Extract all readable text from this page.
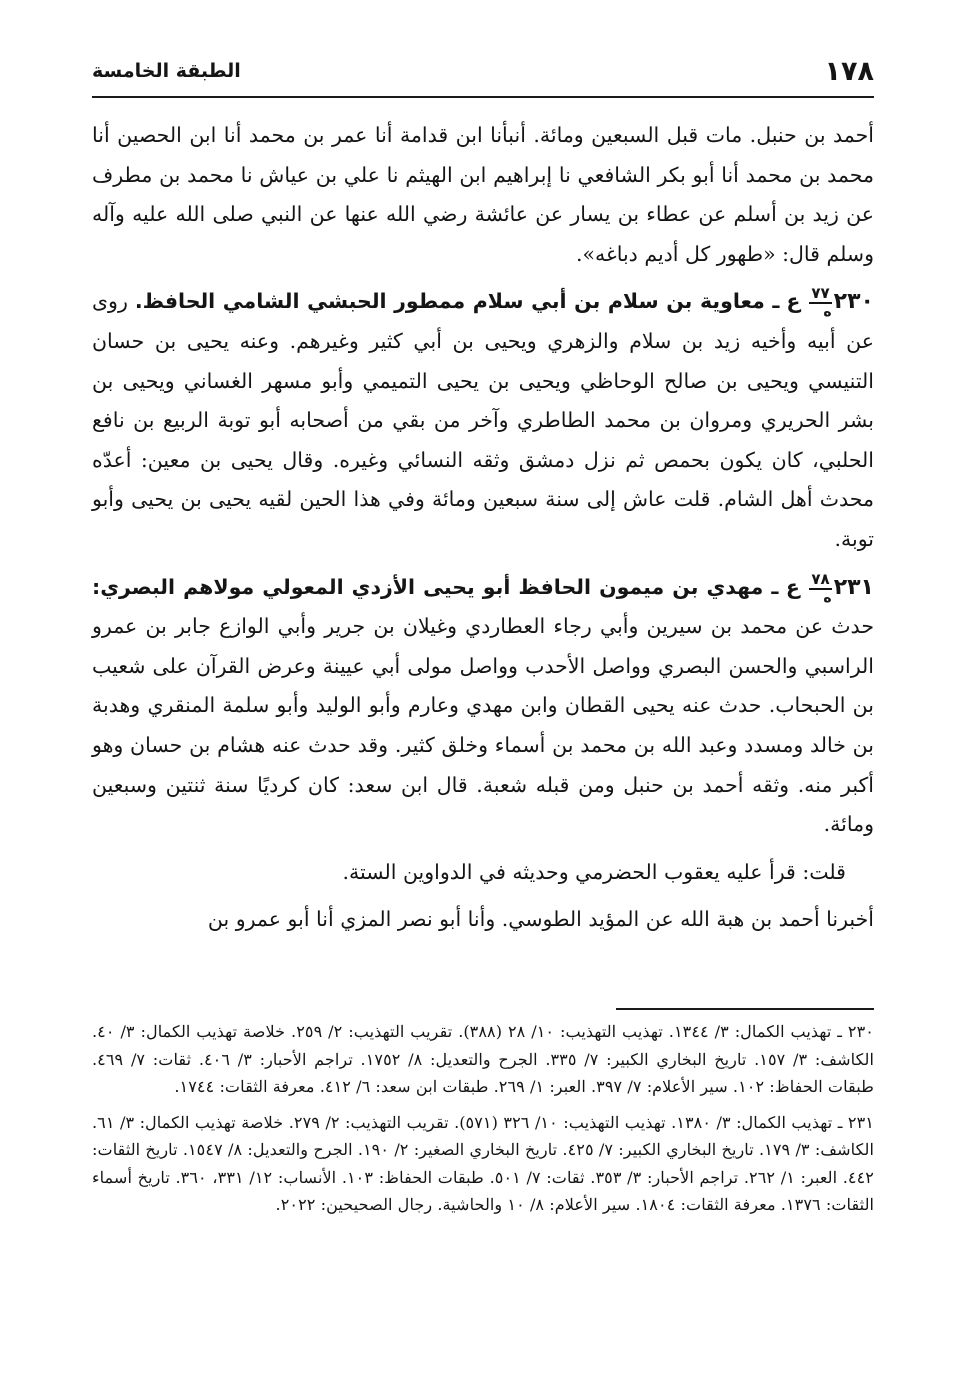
١٧٨
الطبقة الخامسة

أحمد بن حنبل. مات قبل السبعين ومائة. أنبأنا ابن قدامة أنا عمر بن محمد أنا ابن الحصين أنا محمد بن محمد أنا أبو بكر الشافعي نا إبراهيم ابن الهيثم نا علي بن عياش نا محمد بن مطرف عن زيد بن أسلم عن عطاء بن يسار عن عائشة رضي الله عنها عن النبي صلى الله عليه وآله وسلم قال: «طهور كل أديم دباغه».

٢٣٠
$\frac{٧٧}{\text{ه}}$
ع ـ معاوية بن سلام بن أبي سلام ممطور الحبشي الشامي الحافظ. روى عن أبيه وأخيه زيد بن سلام والزهري ويحيى بن أبي كثير وغيرهم. وعنه يحيى بن حسان التنيسي ويحيى بن صالح الوحاظي ويحيى بن يحيى التميمي وأبو مسهر الغساني ويحيى بن بشر الحريري ومروان بن محمد الطاطري وآخر من بقي من أصحابه أبو توبة الربيع بن نافع الحلبي، كان يكون بحمص ثم نزل دمشق وثقه النسائي وغيره. وقال يحيى بن معين: أعدّه محدث أهل الشام. قلت عاش إلى سنة سبعين ومائة وفي هذا الحين لقيه يحيى بن يحيى وأبو توبة.

٢٣١
$\frac{٧٨}{\text{ه}}$
ع ـ مهدي بن ميمون الحافظ أبو يحيى الأزدي المعولي مولاهم البصري: حدث عن محمد بن سيرين وأبي رجاء العطاردي وغيلان بن جرير وأبي الوازع جابر بن عمرو الراسبي والحسن البصري وواصل الأحدب وواصل مولى أبي عيينة وعرض القرآن على شعيب بن الحبحاب. حدث عنه يحيى القطان وابن مهدي وعارم وأبو الوليد وأبو سلمة المنقري وهدبة بن خالد ومسدد وعبد الله بن محمد بن أسماء وخلق كثير. وقد حدث عنه هشام بن حسان وهو أكبر منه. وثقه أحمد بن حنبل ومن قبله شعبة. قال ابن سعد: كان كرديًا سنة ثنتين وسبعين ومائة.

قلت: قرأ عليه يعقوب الحضرمي وحديثه في الدواوين الستة.

أخبرنا أحمد بن هبة الله عن المؤيد الطوسي. وأنا أبو نصر المزي أنا أبو عمرو بن

٢٣٠ ـ تهذيب الكمال: ٣/ ١٣٤٤. تهذيب التهذيب: ١٠/ ٢٨ (٣٨٨). تقريب التهذيب: ٢/ ٢٥٩. خلاصة تهذيب الكمال: ٣/ ٤٠. الكاشف: ٣/ ١٥٧. تاريخ البخاري الكبير: ٧/ ٣٣٥. الجرح والتعديل: ٨/ ١٧٥٢. تراجم الأحبار: ٣/ ٤٠٦. ثقات: ٧/ ٤٦٩. طبقات الحفاظ: ١٠٢. سير الأعلام: ٧/ ٣٩٧. العبر: ١/ ٢٦٩. طبقات ابن سعد: ٦/ ٤١٢. معرفة الثقات: ١٧٤٤.

٢٣١ ـ تهذيب الكمال: ٣/ ١٣٨٠. تهذيب التهذيب: ١٠/ ٣٢٦ (٥٧١). تقريب التهذيب: ٢/ ٢٧٩. خلاصة تهذيب الكمال: ٣/ ٦١. الكاشف: ٣/ ١٧٩. تاريخ البخاري الكبير: ٧/ ٤٢٥. تاريخ البخاري الصغير: ٢/ ١٩٠. الجرح والتعديل: ٨/ ١٥٤٧. تاريخ الثقات: ٤٤٢. العبر: ١/ ٢٦٢. تراجم الأحبار: ٣/ ٣٥٣. ثقات: ٧/ ٥٠١. طبقات الحفاظ: ١٠٣. الأنساب: ١٢/ ٣٣١، ٣٦٠. تاريخ أسماء الثقات: ١٣٧٦. معرفة الثقات: ١٨٠٤. سير الأعلام: ٨/ ١٠ والحاشية. رجال الصحيحين: ٢٠٢٢.
